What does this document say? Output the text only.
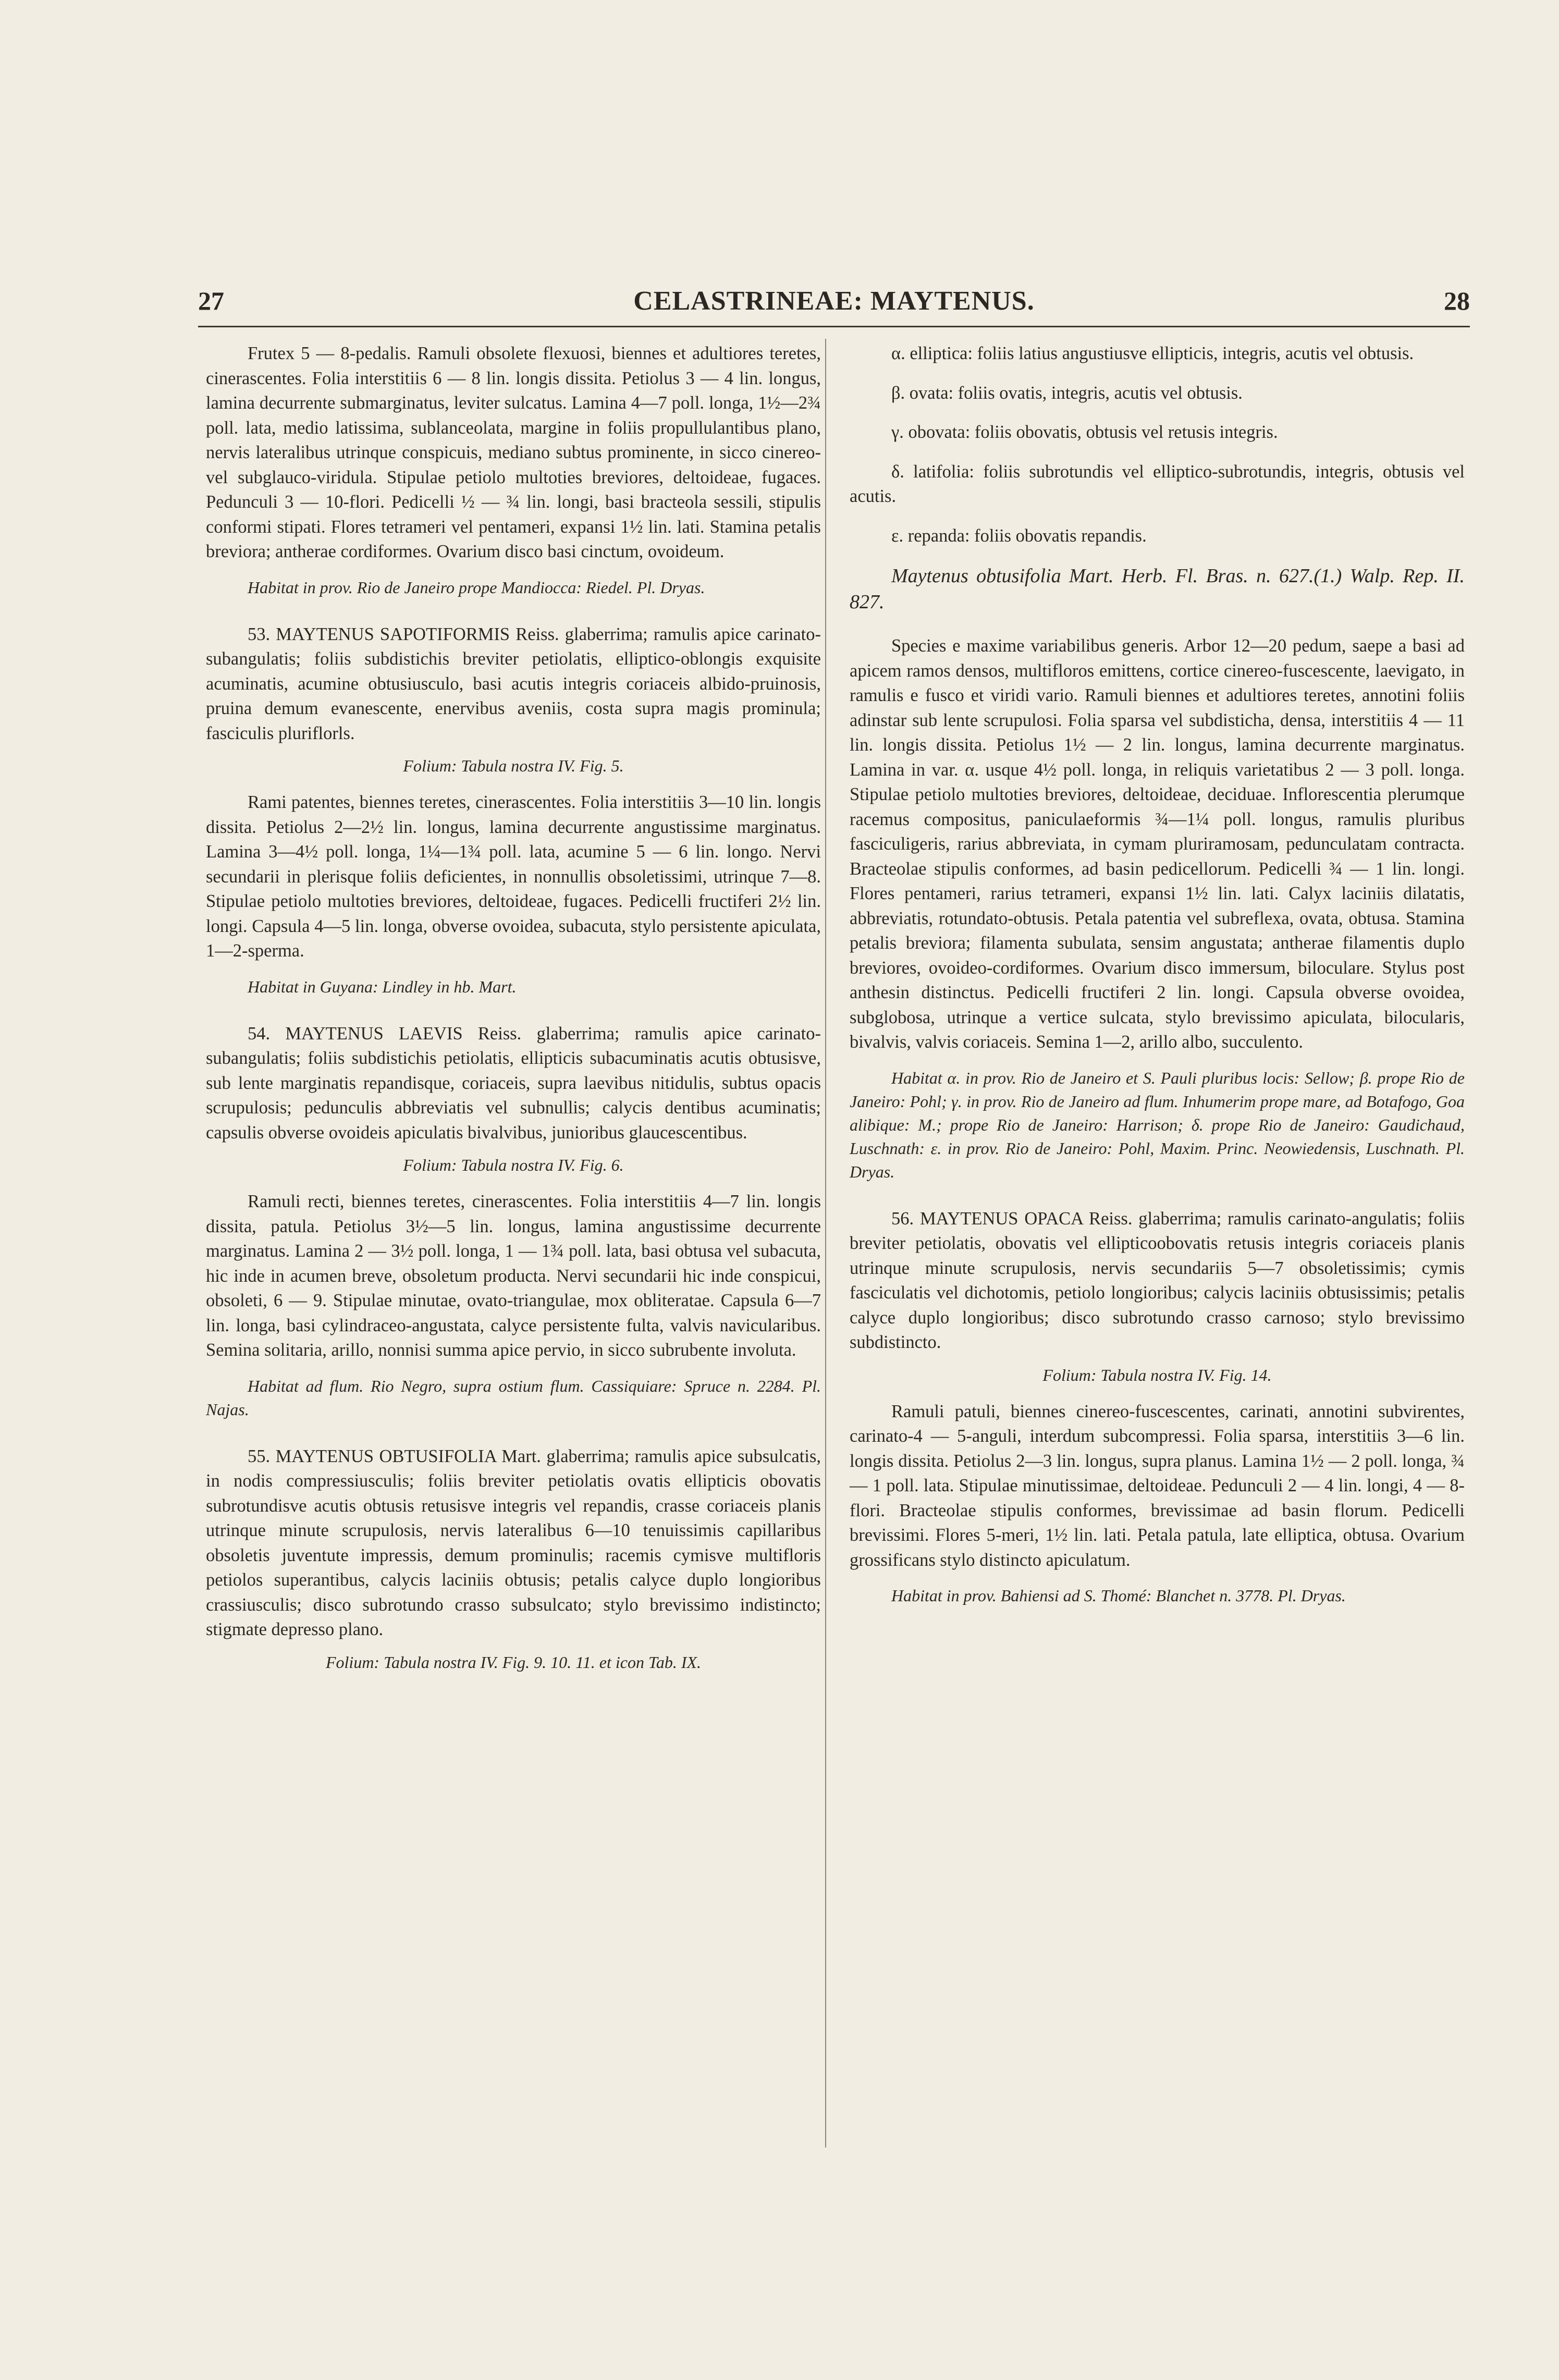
27	CELASTRINEAE: MAYTENUS.	28

Frutex 5 — 8-pedalis. Ramuli obsolete flexuosi, biennes et adultiores teretes, cinerascentes. Folia interstitiis 6 — 8 lin. longis dissita. Petiolus 3 — 4 lin. longus, lamina decurrente submarginatus, leviter sulcatus. Lamina 4—7 poll. longa, 1½—2¾ poll. lata, medio latissima, sublanceolata, margine in foliis propullulantibus plano, nervis lateralibus utrinque conspicuis, mediano subtus prominente, in sicco cinereo- vel subglauco-viridula. Stipulae petiolo multoties breviores, deltoideae, fugaces. Pedunculi 3 — 10-flori. Pedicelli ½ — ¾ lin. longi, basi bracteola sessili, stipulis conformi stipati. Flores tetrameri vel pentameri, expansi 1½ lin. lati. Stamina petalis breviora; antherae cordiformes. Ovarium disco basi cinctum, ovoideum.

Habitat in prov. Rio de Janeiro prope Mandiocca: Riedel. Pl. Dryas.

53. MAYTENUS SAPOTIFORMIS Reiss. glaberrima; ramulis apice carinato-subangulatis; foliis subdistichis breviter petiolatis, elliptico-oblongis exquisite acuminatis, acumine obtusiusculo, basi acutis integris coriaceis albido-pruinosis, pruina demum evanescente, enervibus aveniis, costa supra magis prominula; fasciculis pluriflorls.

Folium: Tabula nostra IV. Fig. 5.

Rami patentes, biennes teretes, cinerascentes. Folia interstitiis 3—10 lin. longis dissita. Petiolus 2—2½ lin. longus, lamina decurrente angustissime marginatus. Lamina 3—4½ poll. longa, 1¼—1¾ poll. lata, acumine 5 — 6 lin. longo. Nervi secundarii in plerisque foliis deficientes, in nonnullis obsoletissimi, utrinque 7—8. Stipulae petiolo multoties breviores, deltoideae, fugaces. Pedicelli fructiferi 2½ lin. longi. Capsula 4—5 lin. longa, obverse ovoidea, subacuta, stylo persistente apiculata, 1—2-sperma.

Habitat in Guyana: Lindley in hb. Mart.

54. MAYTENUS LAEVIS Reiss. glaberrima; ramulis apice carinato-subangulatis; foliis subdistichis petiolatis, ellipticis subacuminatis acutis obtusisve, sub lente marginatis repandisque, coriaceis, supra laevibus nitidulis, subtus opacis scrupulosis; pedunculis abbreviatis vel subnullis; calycis dentibus acuminatis; capsulis obverse ovoideis apiculatis bivalvibus, junioribus glaucescentibus.

Folium: Tabula nostra IV. Fig. 6.

Ramuli recti, biennes teretes, cinerascentes. Folia interstitiis 4—7 lin. longis dissita, patula. Petiolus 3½—5 lin. longus, lamina angustissime decurrente marginatus. Lamina 2 — 3½ poll. longa, 1 — 1¾ poll. lata, basi obtusa vel subacuta, hic inde in acumen breve, obsoletum producta. Nervi secundarii hic inde conspicui, obsoleti, 6 — 9. Stipulae minutae, ovato-triangulae, mox obliteratae. Capsula 6—7 lin. longa, basi cylindraceo-angustata, calyce persistente fulta, valvis navicularibus. Semina solitaria, arillo, nonnisi summa apice pervio, in sicco subrubente involuta.

Habitat ad flum. Rio Negro, supra ostium flum. Cassiquiare: Spruce n. 2284. Pl. Najas.

55. MAYTENUS OBTUSIFOLIA Mart. glaberrima; ramulis apice subsulcatis, in nodis compressiusculis; foliis breviter petiolatis ovatis ellipticis obovatis subrotundisve acutis obtusis retusisve integris vel repandis, crasse coriaceis planis utrinque minute scrupulosis, nervis lateralibus 6—10 tenuissimis capillaribus obsoletis juventute impressis, demum prominulis; racemis cymisve multifloris petiolos superantibus, calycis laciniis obtusis; petalis calyce duplo longioribus crassiusculis; disco subrotundo crasso subsulcato; stylo brevissimo indistincto; stigmate depresso plano.

Folium: Tabula nostra IV. Fig. 9. 10. 11. et icon Tab. IX.

α. elliptica: foliis latius angustiusve ellipticis, integris, acutis vel obtusis.

β. ovata: foliis ovatis, integris, acutis vel obtusis.

γ. obovata: foliis obovatis, obtusis vel retusis integris.

δ. latifolia: foliis subrotundis vel elliptico-subrotundis, integris, obtusis vel acutis.

ε. repanda: foliis obovatis repandis.

Maytenus obtusifolia Mart. Herb. Fl. Bras. n. 627.(1.) Walp. Rep. II. 827.

Species e maxime variabilibus generis. Arbor 12—20 pedum, saepe a basi ad apicem ramos densos, multifloros emittens, cortice cinereo-fuscescente, laevigato, in ramulis e fusco et viridi vario. Ramuli biennes et adultiores teretes, annotini foliis adinstar sub lente scrupulosi. Folia sparsa vel subdisticha, densa, interstitiis 4 — 11 lin. longis dissita. Petiolus 1½ — 2 lin. longus, lamina decurrente marginatus. Lamina in var. α. usque 4½ poll. longa, in reliquis varietatibus 2 — 3 poll. longa. Stipulae petiolo multoties breviores, deltoideae, deciduae. Inflorescentia plerumque racemus compositus, paniculaeformis ¾—1¼ poll. longus, ramulis pluribus fasciculigeris, rarius abbreviata, in cymam pluriramosam, pedunculatam contracta. Bracteolae stipulis conformes, ad basin pedicellorum. Pedicelli ¾ — 1 lin. longi. Flores pentameri, rarius tetrameri, expansi 1½ lin. lati. Calyx laciniis dilatatis, abbreviatis, rotundato-obtusis. Petala patentia vel subreflexa, ovata, obtusa. Stamina petalis breviora; filamenta subulata, sensim angustata; antherae filamentis duplo breviores, ovoideo-cordiformes. Ovarium disco immersum, biloculare. Stylus post anthesin distinctus. Pedicelli fructiferi 2 lin. longi. Capsula obverse ovoidea, subglobosa, utrinque a vertice sulcata, stylo brevissimo apiculata, bilocularis, bivalvis, valvis coriaceis. Semina 1—2, arillo albo, succulento.

Habitat α. in prov. Rio de Janeiro et S. Pauli pluribus locis: Sellow; β. prope Rio de Janeiro: Pohl; γ. in prov. Rio de Janeiro ad flum. Inhumerim prope mare, ad Botafogo, Goa alibique: M.; prope Rio de Janeiro: Harrison; δ. prope Rio de Janeiro: Gaudichaud, Luschnath: ε. in prov. Rio de Janeiro: Pohl, Maxim. Princ. Neowiedensis, Luschnath. Pl. Dryas.

56. MAYTENUS OPACA Reiss. glaberrima; ramulis carinato-angulatis; foliis breviter petiolatis, obovatis vel ellipticoobovatis retusis integris coriaceis planis utrinque minute scrupulosis, nervis secundariis 5—7 obsoletissimis; cymis fasciculatis vel dichotomis, petiolo longioribus; calycis laciniis obtusissimis; petalis calyce duplo longioribus; disco subrotundo crasso carnoso; stylo brevissimo subdistincto.

Folium: Tabula nostra IV. Fig. 14.

Ramuli patuli, biennes cinereo-fuscescentes, carinati, annotini subvirentes, carinato-4 — 5-anguli, interdum subcompressi. Folia sparsa, interstitiis 3—6 lin. longis dissita. Petiolus 2—3 lin. longus, supra planus. Lamina 1½ — 2 poll. longa, ¾ — 1 poll. lata. Stipulae minutissimae, deltoideae. Pedunculi 2 — 4 lin. longi, 4 — 8-flori. Bracteolae stipulis conformes, brevissimae ad basin florum. Pedicelli brevissimi. Flores 5-meri, 1½ lin. lati. Petala patula, late elliptica, obtusa. Ovarium grossificans stylo distincto apiculatum.

Habitat in prov. Bahiensi ad S. Thomé: Blanchet n. 3778. Pl. Dryas.
